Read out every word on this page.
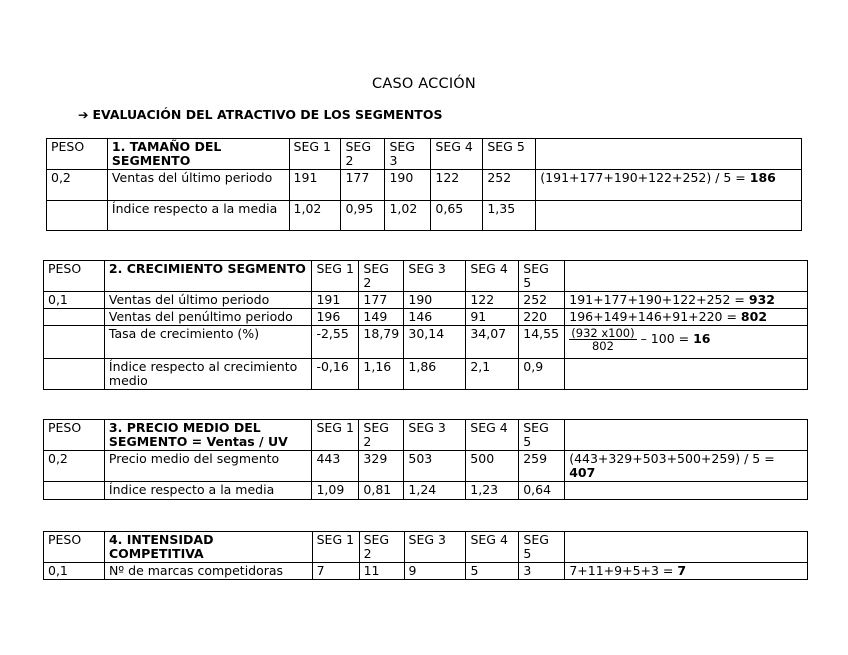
CASO ACCIÓN
➔ EVALUACIÓN DEL ATRACTIVO DE LOS SEGMENTOS
PESO	1. TAMAÑO DEL SEGMENTO	SEG 1	SEG 2	SEG 3	SEG 4	SEG 5	
0,2	Ventas del último periodo	191	177	190	122	252	(191+177+190+122+252) / 5 = 186
	Índice respecto a la media	1,02	0,95	1,02	0,65	1,35	
PESO	2. CRECIMIENTO SEGMENTO	SEG 1	SEG 2	SEG 3	SEG 4	SEG 5	
0,1	Ventas del último periodo	191	177	190	122	252	191+177+190+122+252 = 932
	Ventas del penúltimo periodo	196	149	146	91	220	196+149+146+91+220 = 802
	Tasa de crecimiento (%)	-2,55	18,79	30,14	34,07	14,55	$\frac{(932 x100)}{802} - 100 = 16$
	Índice respecto al crecimiento medio	-0,16	1,16	1,86	2,1	0,9	
PESO	3. PRECIO MEDIO DEL SEGMENTO = Ventas / UV	SEG 1	SEG 2	SEG 3	SEG 4	SEG 5	
0,2	Precio medio del segmento	443	329	503	500	259	(443+329+503+500+259) / 5 = 407
	Índice respecto a la media	1,09	0,81	1,24	1,23	0,64	
PESO	4. INTENSIDAD COMPETITIVA	SEG 1	SEG 2	SEG 3	SEG 4	SEG 5	
0,1	Nº de marcas competidoras	7	11	9	5	3	7+11+9+5+3 = 7
